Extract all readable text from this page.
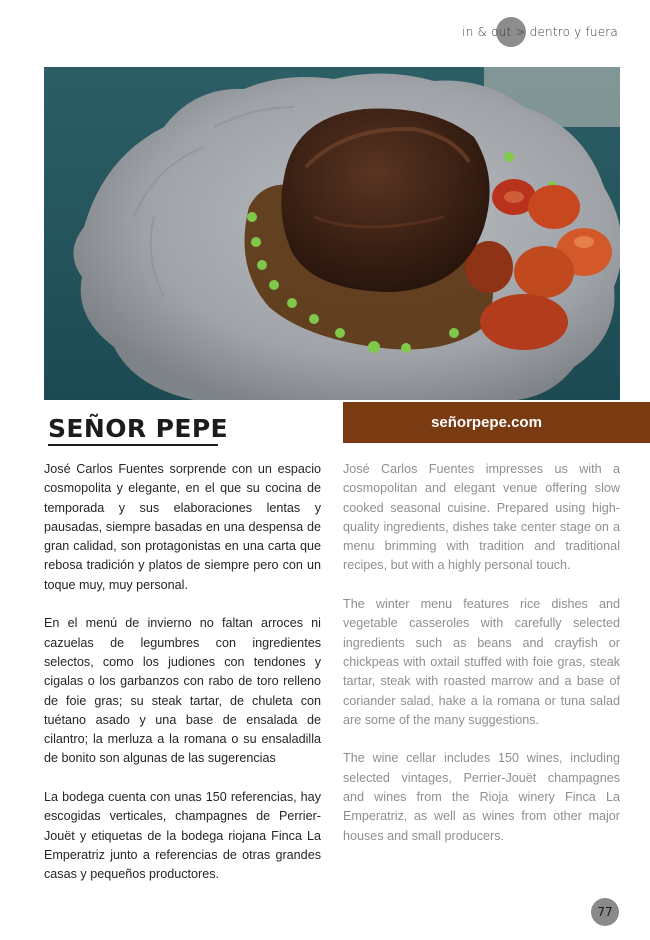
in & out > dentro y fuera
SEÑOR PEPE	señorpepe.com

José Carlos Fuentes sorprende con un espacio cosmopolita y elegante, en el que su cocina de temporada y sus elaboraciones lentas y pausadas, siempre basadas en una despensa de gran calidad, son protagonistas en una carta que rebosa tradición y platos de siempre pero con un toque muy, muy personal.

En el menú de invierno no faltan arroces ni cazuelas de legumbres con ingredientes selectos, como los judiones con tendones y cigalas o los garbanzos con rabo de toro relleno de foie gras; su steak tartar, de chuleta con tuétano asado y una base de ensalada de cilantro; la merluza a la romana o su ensaladilla de bonito son algunas de las sugerencias

La bodega cuenta con unas 150 referencias, hay escogidas verticales, champagnes de Perrier-Jouët y etiquetas de la bodega riojana Finca La Emperatriz junto a referencias de otras grandes casas y pequeños productores.

José Carlos Fuentes impresses us with a cosmopolitan and elegant venue offering slow cooked seasonal cuisine. Prepared using high-quality ingredients, dishes take center stage on a menu brimming with tradition and traditional recipes, but with a highly personal touch.

The winter menu features rice dishes and vegetable casseroles with carefully selected ingredients such as beans and crayfish or chickpeas with oxtail stuffed with foie gras, steak tartar, steak with roasted marrow and a base of coriander salad, hake a la romana or tuna salad are some of the many suggestions.

The wine cellar includes 150 wines, including selected vintages, Perrier-Jouët champagnes and wines from the Rioja winery Finca La Emperatriz, as well as wines from other major houses and small producers.

77
